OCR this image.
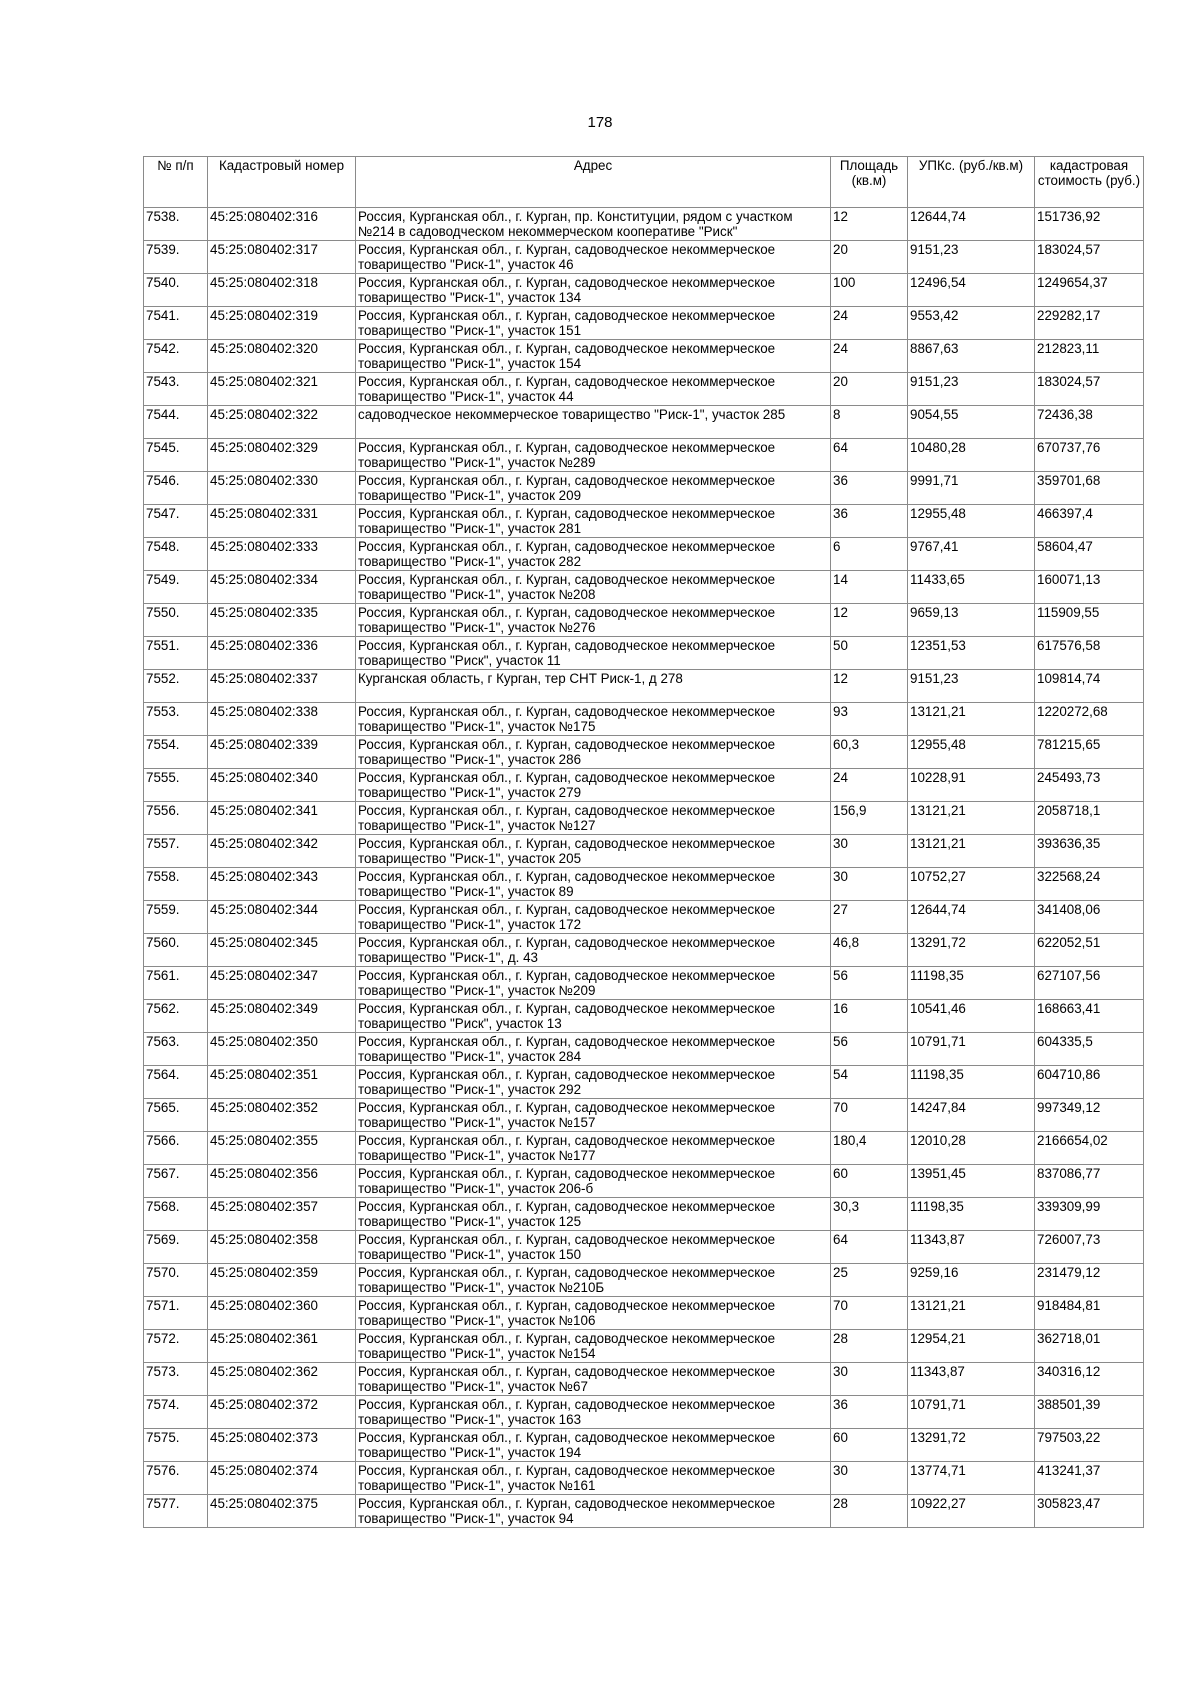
178
№ п/п	Кадастровый номер	Адрес	Площадь (кв.м)	УПКс. (руб./кв.м)	кадастровая стоимость (руб.)
7538.	45:25:080402:316	Россия, Курганская обл., г. Курган, пр. Конституции, рядом с участком №214 в садоводческом некоммерческом кооперативе "Риск"	12	12644,74	151736,92
7539.	45:25:080402:317	Россия, Курганская обл., г. Курган, садоводческое некоммерческое товарищество "Риск-1", участок 46	20	9151,23	183024,57
7540.	45:25:080402:318	Россия, Курганская обл., г. Курган, садоводческое некоммерческое товарищество "Риск-1", участок 134	100	12496,54	1249654,37
7541.	45:25:080402:319	Россия, Курганская обл., г. Курган, садоводческое некоммерческое товарищество "Риск-1", участок 151	24	9553,42	229282,17
7542.	45:25:080402:320	Россия, Курганская обл., г. Курган, садоводческое некоммерческое товарищество "Риск-1", участок 154	24	8867,63	212823,11
7543.	45:25:080402:321	Россия, Курганская обл., г. Курган, садоводческое некоммерческое товарищество "Риск-1", участок 44	20	9151,23	183024,57
7544.	45:25:080402:322	садоводческое некоммерческое товарищество "Риск-1", участок 285	8	9054,55	72436,38
7545.	45:25:080402:329	Россия, Курганская обл., г. Курган, садоводческое некоммерческое товарищество "Риск-1", участок №289	64	10480,28	670737,76
7546.	45:25:080402:330	Россия, Курганская обл., г. Курган, садоводческое некоммерческое товарищество "Риск-1", участок 209	36	9991,71	359701,68
7547.	45:25:080402:331	Россия, Курганская обл., г. Курган, садоводческое некоммерческое товарищество "Риск-1", участок 281	36	12955,48	466397,4
7548.	45:25:080402:333	Россия, Курганская обл., г. Курган, садоводческое некоммерческое товарищество "Риск-1", участок 282	6	9767,41	58604,47
7549.	45:25:080402:334	Россия, Курганская обл., г. Курган, садоводческое некоммерческое товарищество "Риск-1", участок №208	14	11433,65	160071,13
7550.	45:25:080402:335	Россия, Курганская обл., г. Курган, садоводческое некоммерческое товарищество "Риск-1", участок №276	12	9659,13	115909,55
7551.	45:25:080402:336	Россия, Курганская обл., г. Курган, садоводческое некоммерческое товарищество "Риск", участок 11	50	12351,53	617576,58
7552.	45:25:080402:337	Курганская область, г Курган, тер СНТ Риск-1, д 278	12	9151,23	109814,74
7553.	45:25:080402:338	Россия, Курганская обл., г. Курган, садоводческое некоммерческое товарищество "Риск-1", участок №175	93	13121,21	1220272,68
7554.	45:25:080402:339	Россия, Курганская обл., г. Курган, садоводческое некоммерческое товарищество "Риск-1", участок 286	60,3	12955,48	781215,65
7555.	45:25:080402:340	Россия, Курганская обл., г. Курган, садоводческое некоммерческое товарищество "Риск-1", участок 279	24	10228,91	245493,73
7556.	45:25:080402:341	Россия, Курганская обл., г. Курган, садоводческое некоммерческое товарищество "Риск-1", участок №127	156,9	13121,21	2058718,1
7557.	45:25:080402:342	Россия, Курганская обл., г. Курган, садоводческое некоммерческое товарищество "Риск-1", участок 205	30	13121,21	393636,35
7558.	45:25:080402:343	Россия, Курганская обл., г. Курган, садоводческое некоммерческое товарищество "Риск-1", участок 89	30	10752,27	322568,24
7559.	45:25:080402:344	Россия, Курганская обл., г. Курган, садоводческое некоммерческое товарищество "Риск-1", участок 172	27	12644,74	341408,06
7560.	45:25:080402:345	Россия, Курганская обл., г. Курган, садоводческое некоммерческое товарищество "Риск-1", д. 43	46,8	13291,72	622052,51
7561.	45:25:080402:347	Россия, Курганская обл., г. Курган, садоводческое некоммерческое товарищество "Риск-1", участок №209	56	11198,35	627107,56
7562.	45:25:080402:349	Россия, Курганская обл., г. Курган, садоводческое некоммерческое товарищество "Риск", участок 13	16	10541,46	168663,41
7563.	45:25:080402:350	Россия, Курганская обл., г. Курган, садоводческое некоммерческое товарищество "Риск-1", участок 284	56	10791,71	604335,5
7564.	45:25:080402:351	Россия, Курганская обл., г. Курган, садоводческое некоммерческое товарищество "Риск-1", участок 292	54	11198,35	604710,86
7565.	45:25:080402:352	Россия, Курганская обл., г. Курган, садоводческое некоммерческое товарищество "Риск-1", участок №157	70	14247,84	997349,12
7566.	45:25:080402:355	Россия, Курганская обл., г. Курган, садоводческое некоммерческое товарищество "Риск-1", участок №177	180,4	12010,28	2166654,02
7567.	45:25:080402:356	Россия, Курганская обл., г. Курган, садоводческое некоммерческое товарищество "Риск-1", участок 206-б	60	13951,45	837086,77
7568.	45:25:080402:357	Россия, Курганская обл., г. Курган, садоводческое некоммерческое товарищество "Риск-1", участок 125	30,3	11198,35	339309,99
7569.	45:25:080402:358	Россия, Курганская обл., г. Курган, садоводческое некоммерческое товарищество "Риск-1", участок 150	64	11343,87	726007,73
7570.	45:25:080402:359	Россия, Курганская обл., г. Курган, садоводческое некоммерческое товарищество "Риск-1", участок №210Б	25	9259,16	231479,12
7571.	45:25:080402:360	Россия, Курганская обл., г. Курган, садоводческое некоммерческое товарищество "Риск-1", участок №106	70	13121,21	918484,81
7572.	45:25:080402:361	Россия, Курганская обл., г. Курган, садоводческое некоммерческое товарищество "Риск-1", участок №154	28	12954,21	362718,01
7573.	45:25:080402:362	Россия, Курганская обл., г. Курган, садоводческое некоммерческое товарищество "Риск-1", участок №67	30	11343,87	340316,12
7574.	45:25:080402:372	Россия, Курганская обл., г. Курган, садоводческое некоммерческое товарищество "Риск-1", участок 163	36	10791,71	388501,39
7575.	45:25:080402:373	Россия, Курганская обл., г. Курган, садоводческое некоммерческое товарищество "Риск-1", участок 194	60	13291,72	797503,22
7576.	45:25:080402:374	Россия, Курганская обл., г. Курган, садоводческое некоммерческое товарищество "Риск-1", участок №161	30	13774,71	413241,37
7577.	45:25:080402:375	Россия, Курганская обл., г. Курган, садоводческое некоммерческое товарищество "Риск-1", участок 94	28	10922,27	305823,47
